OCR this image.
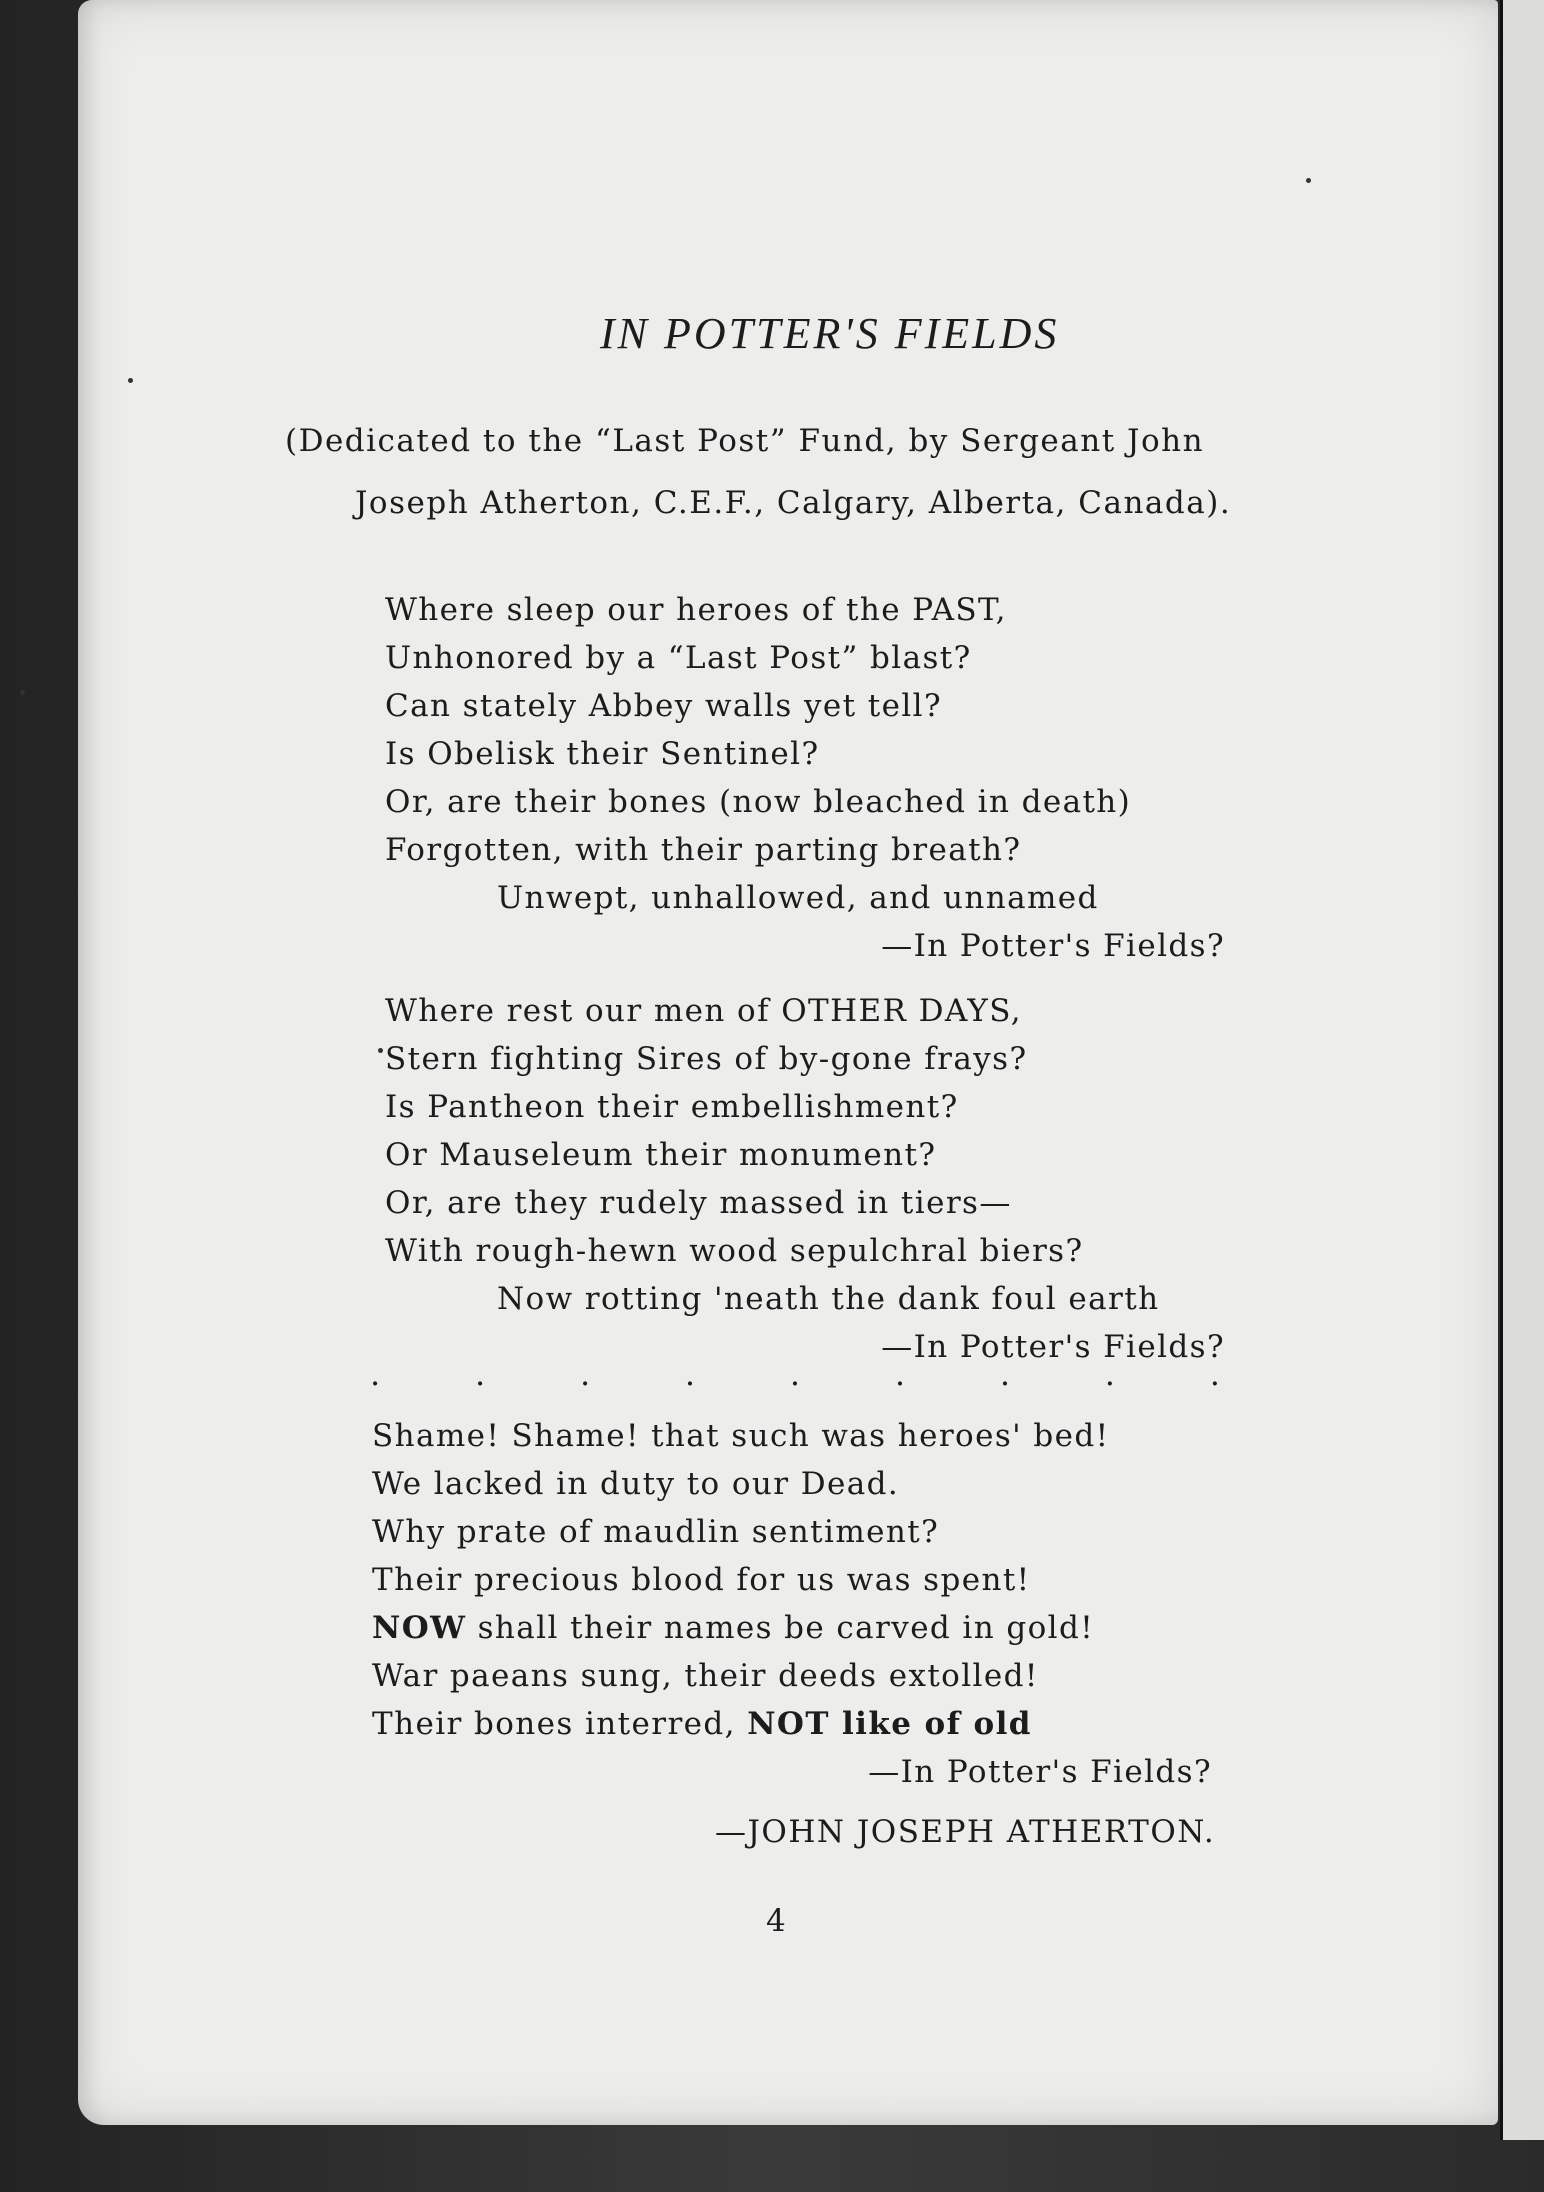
IN POTTER'S FIELDS

(Dedicated to the “Last Post” Fund, by Sergeant John
Joseph Atherton, C.E.F., Calgary, Alberta, Canada).

Where sleep our heroes of the PAST,
Unhonored by a “Last Post” blast?
Can stately Abbey walls yet tell?
Is Obelisk their Sentinel?
Or, are their bones (now bleached in death)
Forgotten, with their parting breath?
Unwept, unhallowed, and unnamed
—In Potter's Fields?
Where rest our men of OTHER DAYS,
Stern fighting Sires of by-gone frays?
Is Pantheon their embellishment?
Or Mauseleum their monument?
Or, are they rudely massed in tiers—
With rough-hewn wood sepulchral biers?
Now rotting 'neath the dank foul earth
—In Potter's Fields?
.	.	.	.	.	.	.	.	.
Shame! Shame! that such was heroes' bed!
We lacked in duty to our Dead.
Why prate of maudlin sentiment?
Their precious blood for us was spent!
NOW shall their names be carved in gold!
War paeans sung, their deeds extolled!
Their bones interred, NOT like of old
—In Potter's Fields?

—JOHN JOSEPH ATHERTON.

4
